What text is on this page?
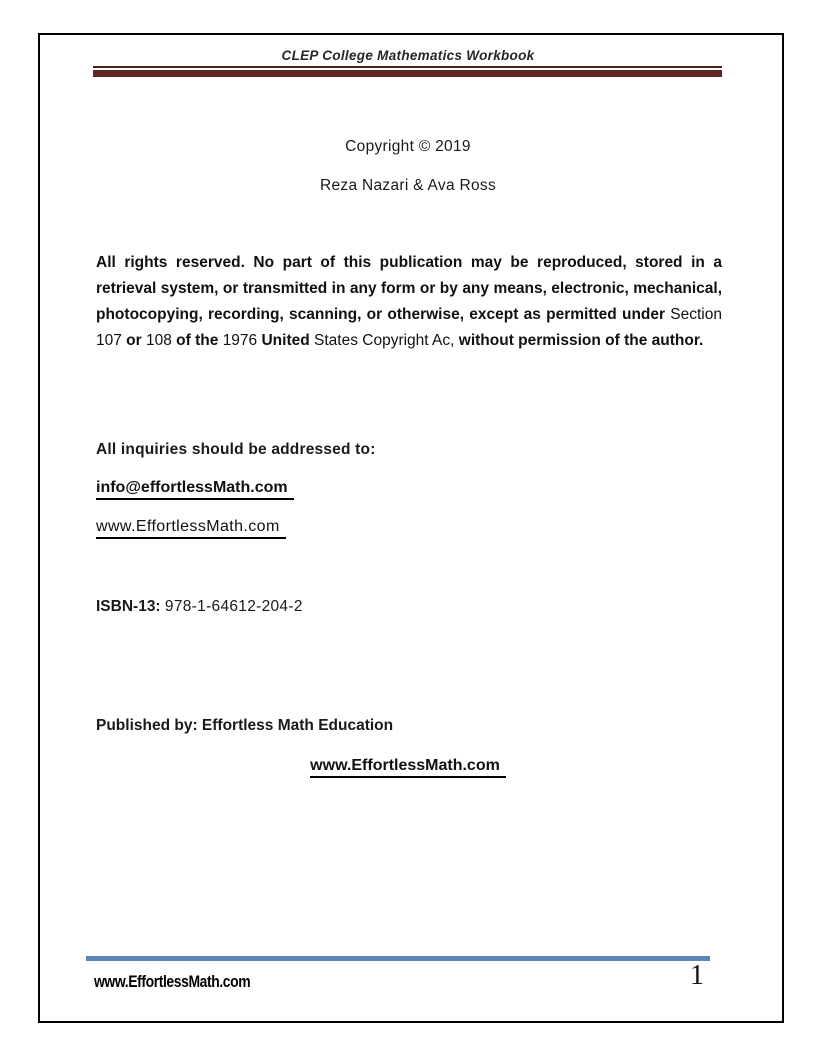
CLEP College Mathematics Workbook
Copyright © 2019
Reza Nazari & Ava Ross
All rights reserved. No part of this publication may be reproduced, stored in a retrieval system, or transmitted in any form or by any means, electronic, mechanical, photocopying, recording, scanning, or otherwise, except as permitted under Section 107 or 108 of the 1976 United States Copyright Ac, without permission of the author.
All inquiries should be addressed to:
info@effortlessMath.com
www.EffortlessMath.com
ISBN-13: 978-1-64612-204-2
Published by: Effortless Math Education
www.EffortlessMath.com
www.EffortlessMath.com	1
